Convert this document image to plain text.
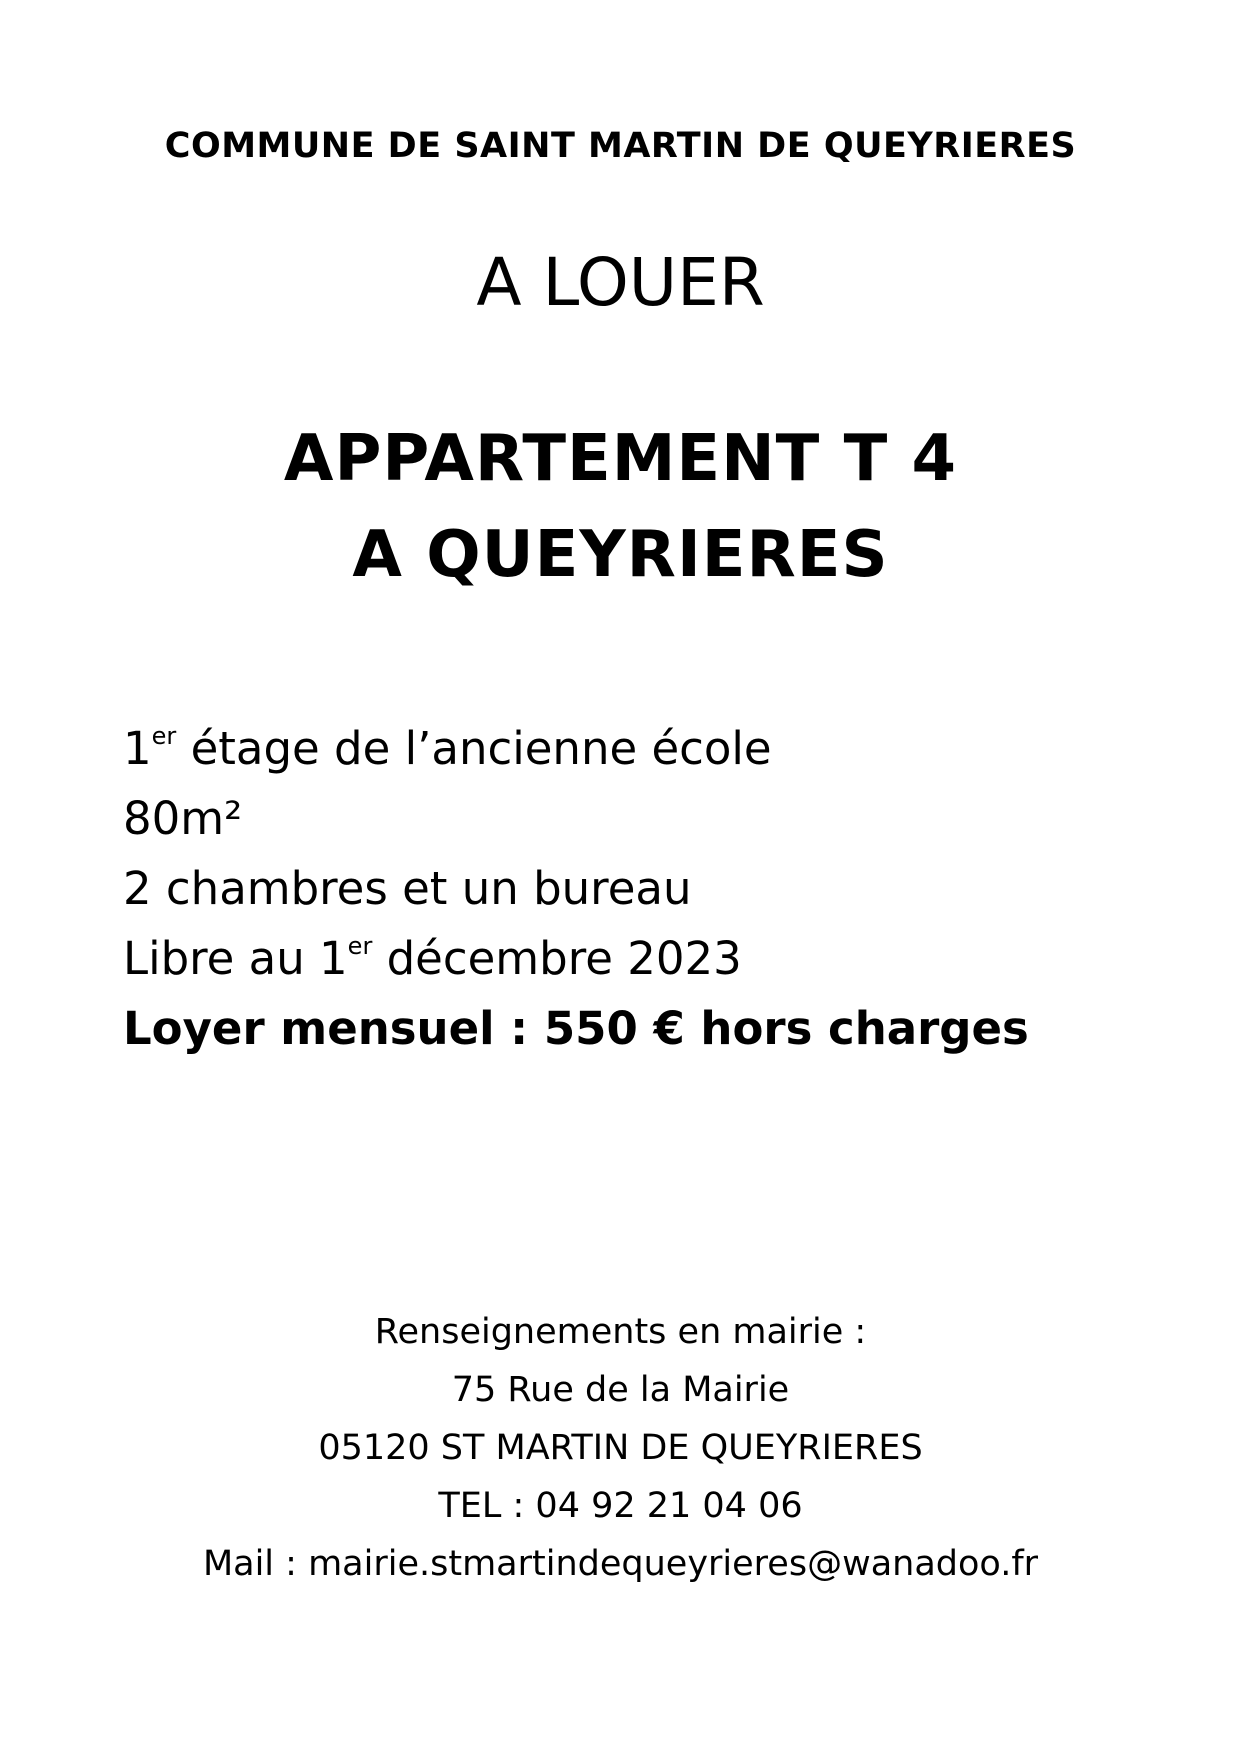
COMMUNE DE SAINT MARTIN DE QUEYRIERES
A LOUER
APPARTEMENT T 4
A QUEYRIERES
1er étage de l’ancienne école
80m²
2 chambres et un bureau
Libre au 1er décembre 2023
Loyer mensuel : 550 € hors charges
Renseignements en mairie :
75 Rue de la Mairie
05120 ST MARTIN DE QUEYRIERES
TEL : 04 92 21 04 06
Mail : mairie.stmartindequeyrieres@wanadoo.fr
